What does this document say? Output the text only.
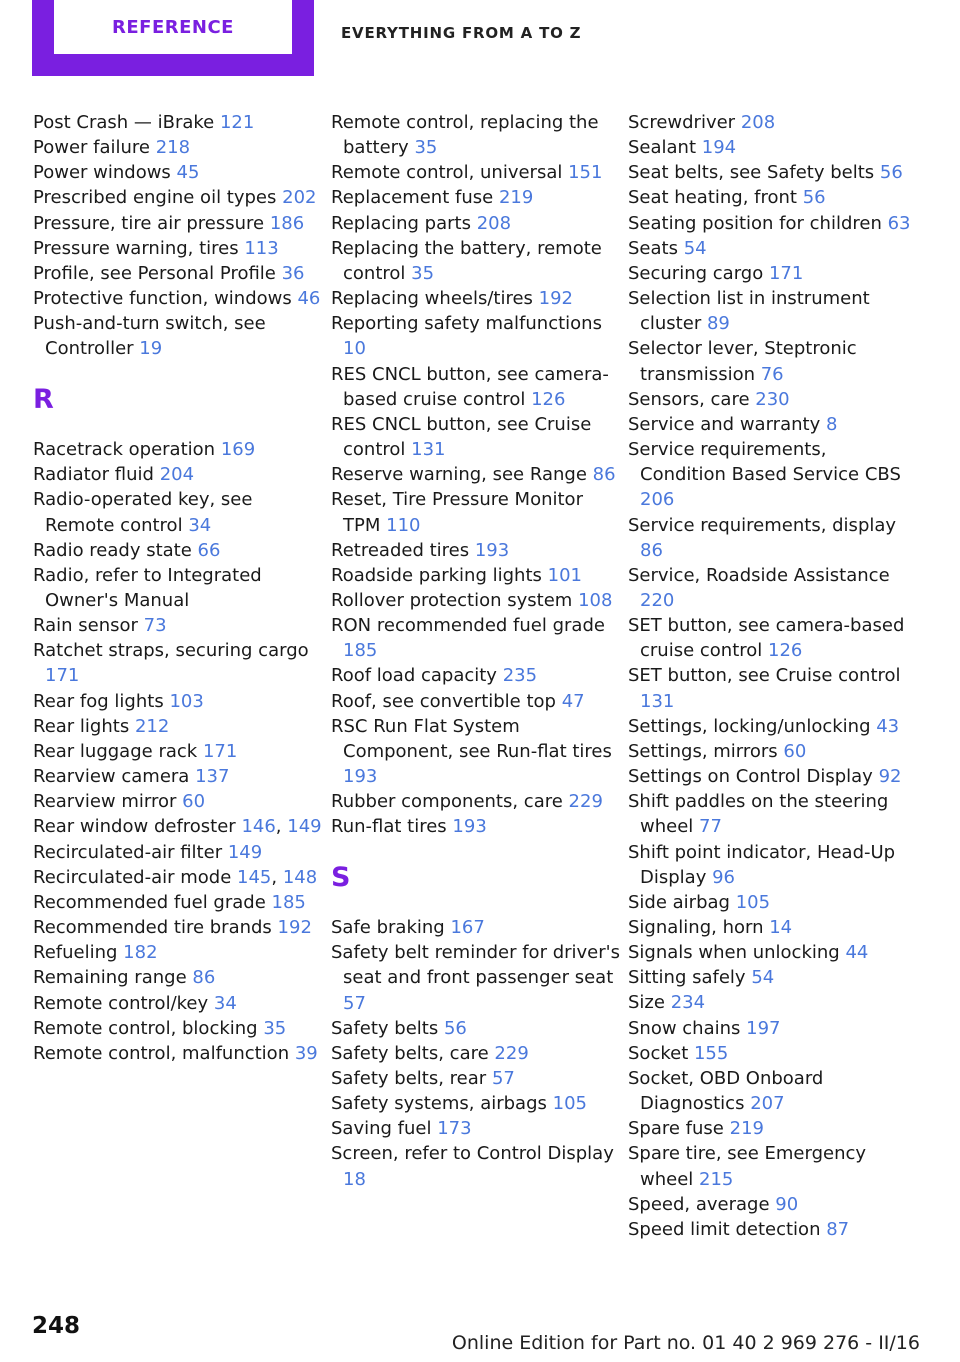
REFERENCE	EVERYTHING FROM A TO Z
Post Crash — iBrake 121
Power failure 218
Power windows 45
Prescribed engine oil types 202
Pressure, tire air pressure 186
Pressure warning, tires 113
Profile, see Personal Profile 36
Protective function, windows 46
Push-and-turn switch, see Controller 19
R
Racetrack operation 169
Radiator fluid 204
Radio-operated key, see Remote control 34
Radio ready state 66
Radio, refer to Integrated Owner's Manual
Rain sensor 73
Ratchet straps, securing cargo 171
Rear fog lights 103
Rear lights 212
Rear luggage rack 171
Rearview camera 137
Rearview mirror 60
Rear window defroster 146, 149
Recirculated-air filter 149
Recirculated-air mode 145, 148
Recommended fuel grade 185
Recommended tire brands 192
Refueling 182
Remaining range 86
Remote control/key 34
Remote control, blocking 35
Remote control, malfunction 39
Remote control, replacing the battery 35
Remote control, universal 151
Replacement fuse 219
Replacing parts 208
Replacing the battery, remote control 35
Replacing wheels/tires 192
Reporting safety malfunctions 10
RES CNCL button, see camera-based cruise control 126
RES CNCL button, see Cruise control 131
Reserve warning, see Range 86
Reset, Tire Pressure Monitor TPM 110
Retreaded tires 193
Roadside parking lights 101
Rollover protection system 108
RON recommended fuel grade 185
Roof load capacity 235
Roof, see convertible top 47
RSC Run Flat System Component, see Run-flat tires 193
Rubber components, care 229
Run-flat tires 193
S
Safe braking 167
Safety belt reminder for driver's seat and front passenger seat 57
Safety belts 56
Safety belts, care 229
Safety belts, rear 57
Safety systems, airbags 105
Saving fuel 173
Screen, refer to Control Display 18
Screwdriver 208
Sealant 194
Seat belts, see Safety belts 56
Seat heating, front 56
Seating position for children 63
Seats 54
Securing cargo 171
Selection list in instrument cluster 89
Selector lever, Steptronic transmission 76
Sensors, care 230
Service and warranty 8
Service requirements, Condition Based Service CBS 206
Service requirements, display 86
Service, Roadside Assistance 220
SET button, see camera-based cruise control 126
SET button, see Cruise control 131
Settings, locking/unlocking 43
Settings, mirrors 60
Settings on Control Display 92
Shift paddles on the steering wheel 77
Shift point indicator, Head-Up Display 96
Side airbag 105
Signaling, horn 14
Signals when unlocking 44
Sitting safely 54
Size 234
Snow chains 197
Socket 155
Socket, OBD Onboard Diagnostics 207
Spare fuse 219
Spare tire, see Emergency wheel 215
Speed, average 90
Speed limit detection 87
248
Online Edition for Part no. 01 40 2 969 276 - II/16
